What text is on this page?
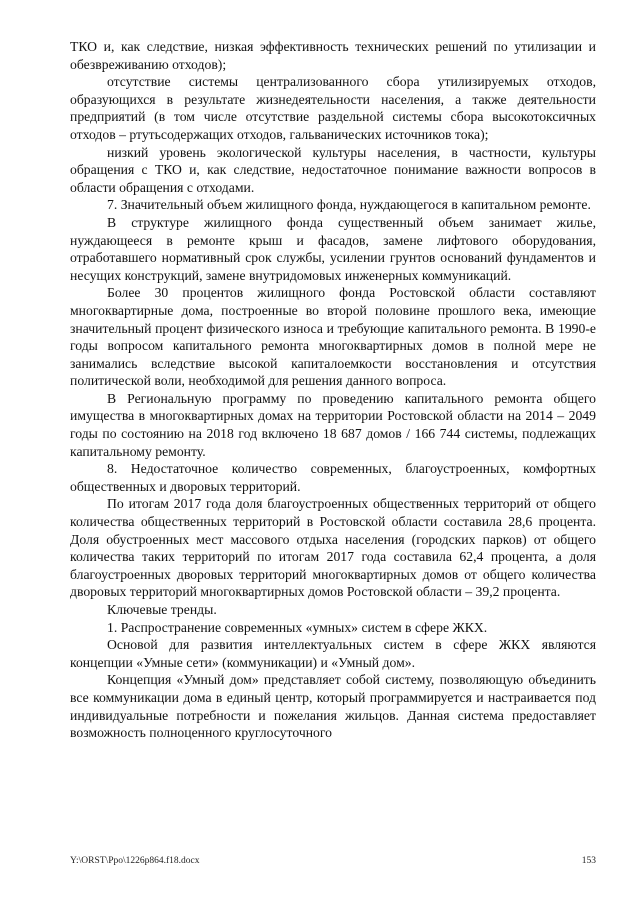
ТКО и, как следствие, низкая эффективность технических решений по утилизации и обезвреживанию отходов);

отсутствие системы централизованного сбора утилизируемых отходов, образующихся в результате жизнедеятельности населения, а также деятельности предприятий (в том числе отсутствие раздельной системы сбора высокотоксичных отходов – ртутьсодержащих отходов, гальванических источников тока);

низкий уровень экологической культуры населения, в частности, культуры обращения с ТКО и, как следствие, недостаточное понимание важности вопросов в области обращения с отходами.

7. Значительный объем жилищного фонда, нуждающегося в капитальном ремонте.

В структуре жилищного фонда существенный объем занимает жилье, нуждающееся в ремонте крыш и фасадов, замене лифтового оборудования, отработавшего нормативный срок службы, усилении грунтов оснований фундаментов и несущих конструкций, замене внутридомовых инженерных коммуникаций.

Более 30 процентов жилищного фонда Ростовской области составляют многоквартирные дома, построенные во второй половине прошлого века, имеющие значительный процент физического износа и требующие капитального ремонта. В 1990-е годы вопросом капитального ремонта многоквартирных домов в полной мере не занимались вследствие высокой капиталоемкости восстановления и отсутствия политической воли, необходимой для решения данного вопроса.

В Региональную программу по проведению капитального ремонта общего имущества в многоквартирных домах на территории Ростовской области на 2014 – 2049 годы по состоянию на 2018 год включено 18 687 домов / 166 744 системы, подлежащих капитальному ремонту.

8. Недостаточное количество современных, благоустроенных, комфортных общественных и дворовых территорий.

По итогам 2017 года доля благоустроенных общественных территорий от общего количества общественных территорий в Ростовской области составила 28,6 процента. Доля обустроенных мест массового отдыха населения (городских парков) от общего количества таких территорий по итогам 2017 года составила 62,4 процента, а доля благоустроенных дворовых территорий многоквартирных домов от общего количества дворовых территорий многоквартирных домов Ростовской области – 39,2 процента.

Ключевые тренды.

1. Распространение современных «умных» систем в сфере ЖКХ.

Основой для развития интеллектуальных систем в сфере ЖКХ являются концепции «Умные сети» (коммуникации) и «Умный дом».

Концепция «Умный дом» представляет собой систему, позволяющую объединить все коммуникации дома в единый центр, который программируется и настраивается под индивидуальные потребности и пожелания жильцов. Данная система предоставляет возможность полноценного круглосуточного

Y:\ORST\Ppo\1226p864.f18.docx	153
